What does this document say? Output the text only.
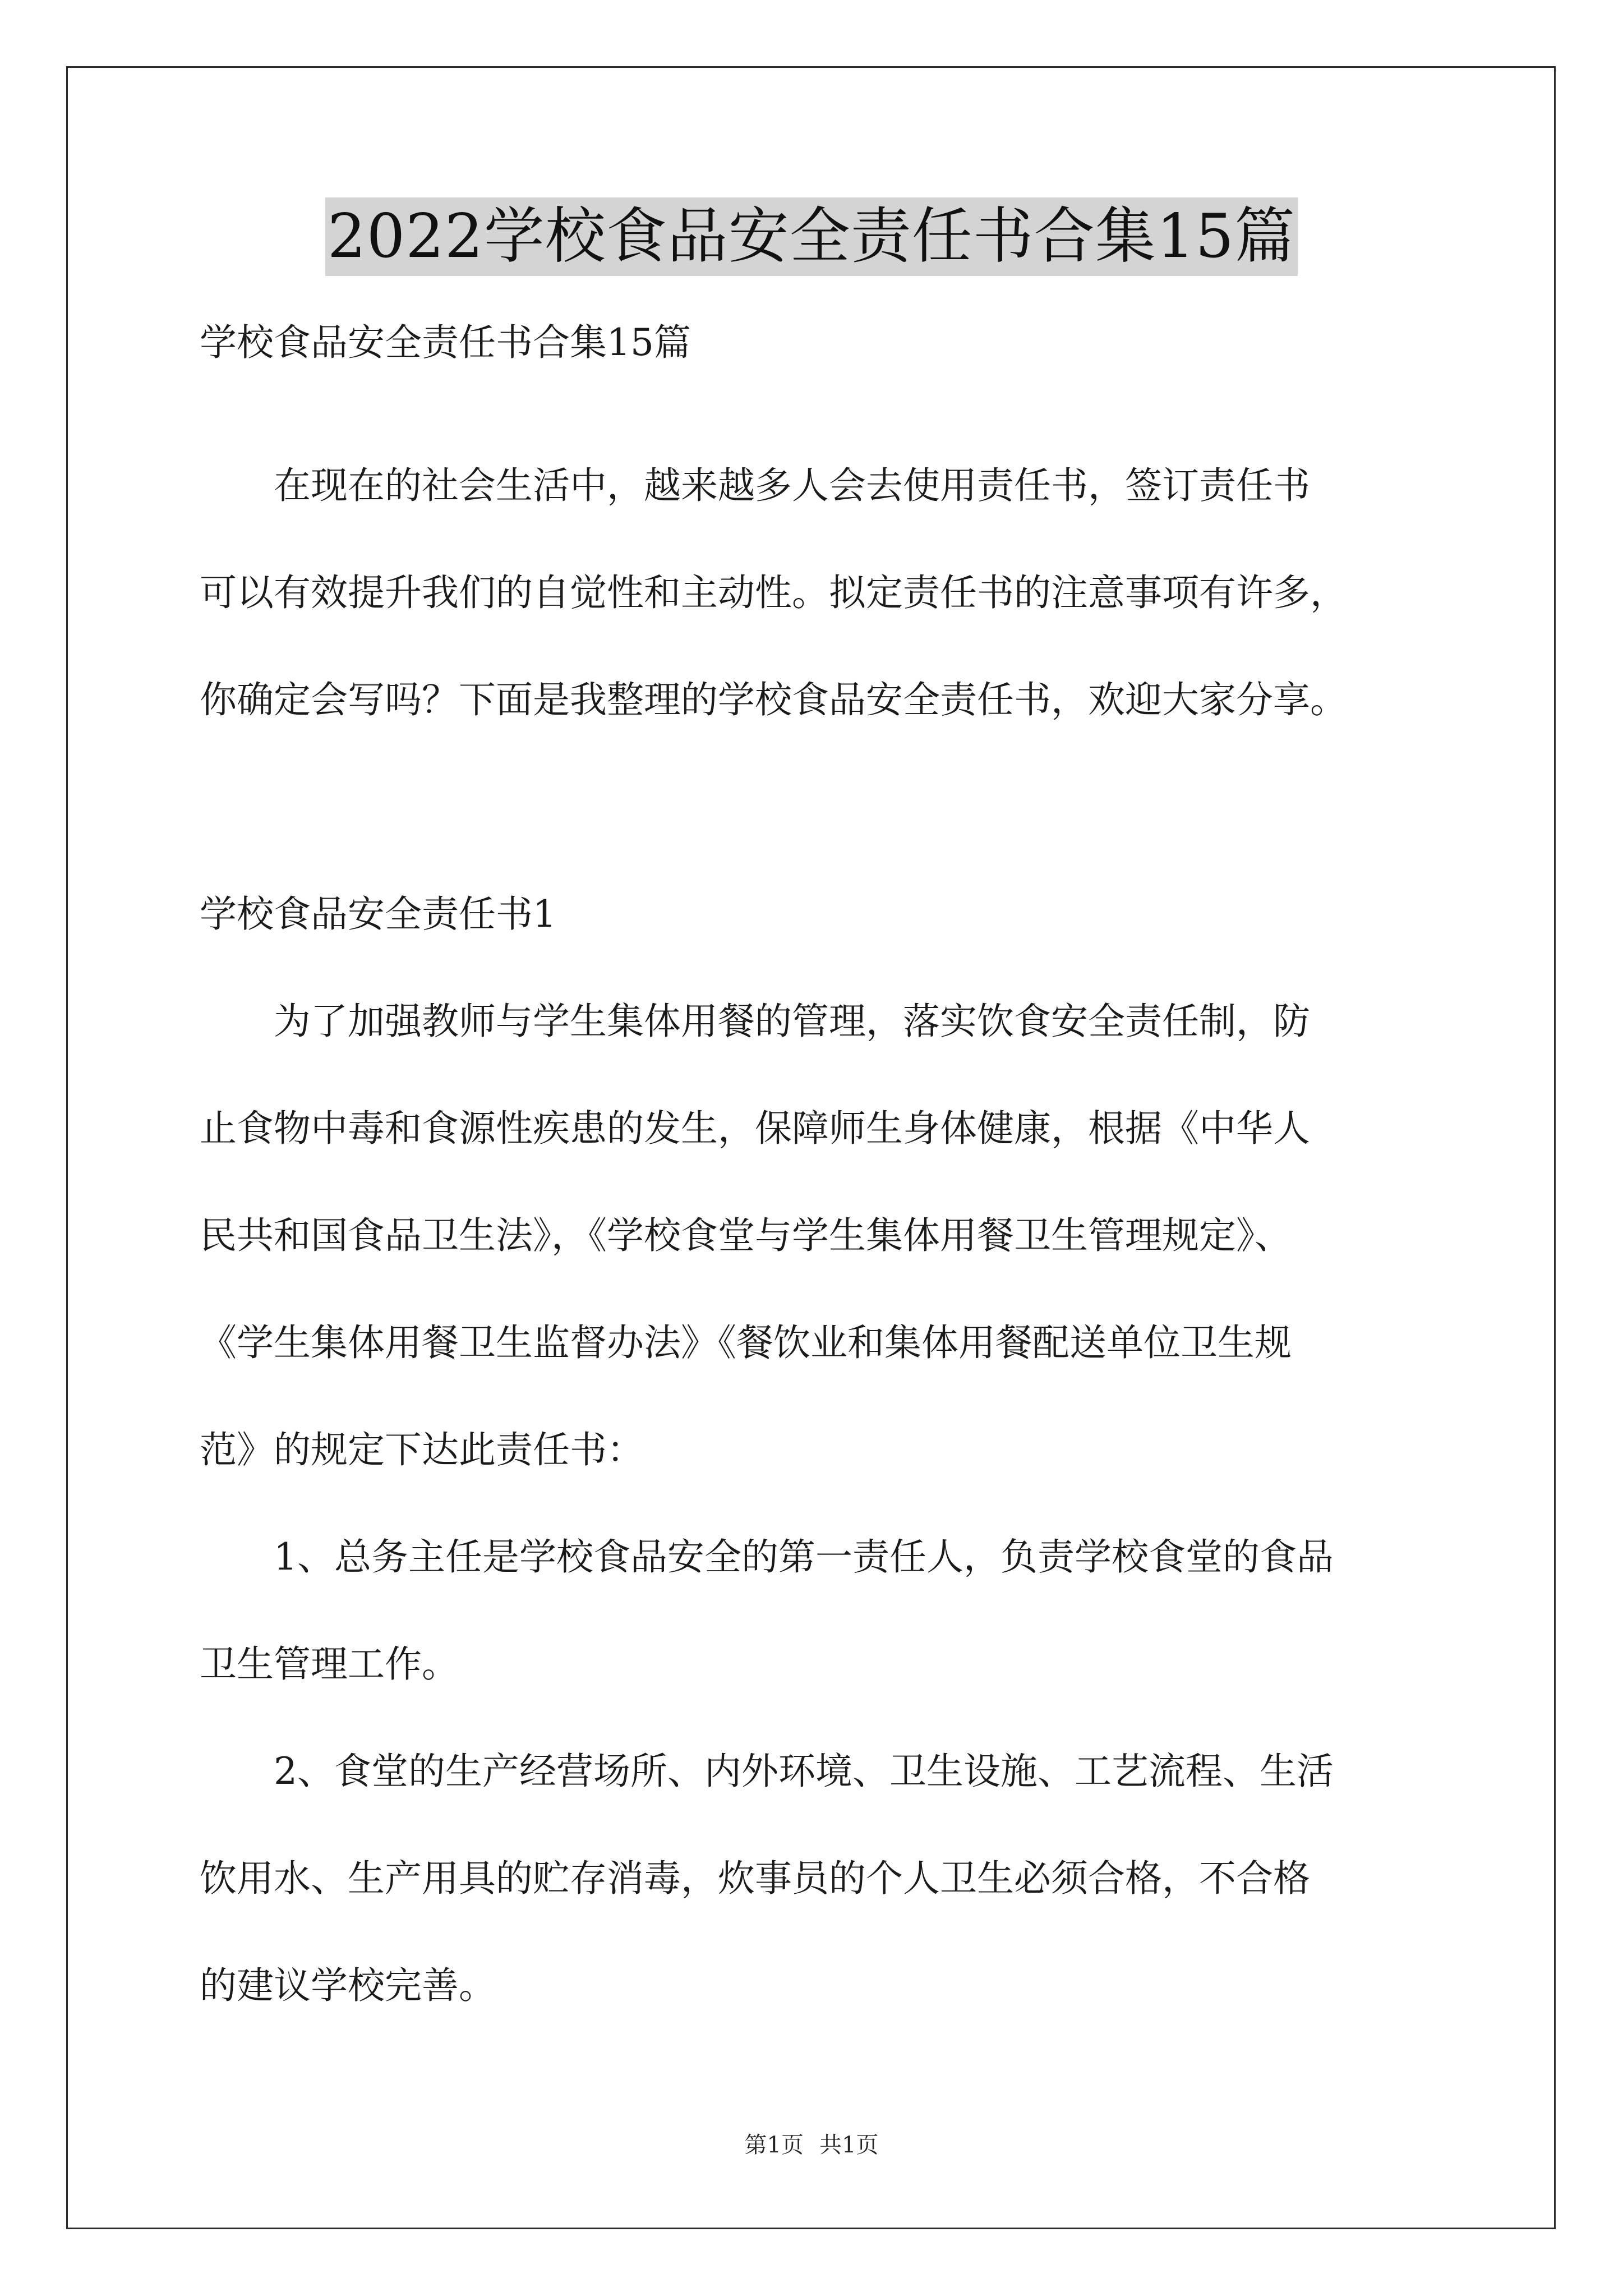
2022学校食品安全责任书合集15篇
学校食品安全责任书合集15篇
　　在现在的社会生活中，越来越多人会去使用责任书，签订责任书
可以有效提升我们的自觉性和主动性。拟定责任书的注意事项有许多，
你确定会写吗？下面是我整理的学校食品安全责任书，欢迎大家分享。
学校食品安全责任书1
　　为了加强教师与学生集体用餐的管理，落实饮食安全责任制，防
止食物中毒和食源性疾患的发生，保障师生身体健康，根据《中华人
民共和国食品卫生法》，《学校食堂与学生集体用餐卫生管理规定》、
《学生集体用餐卫生监督办法》《餐饮业和集体用餐配送单位卫生规
范》的规定下达此责任书：
　　1、总务主任是学校食品安全的第一责任人，负责学校食堂的食品
卫生管理工作。
　　2、食堂的生产经营场所、内外环境、卫生设施、工艺流程、生活
饮用水、生产用具的贮存消毒，炊事员的个人卫生必须合格，不合格
的建议学校完善。
第1页 共1页
